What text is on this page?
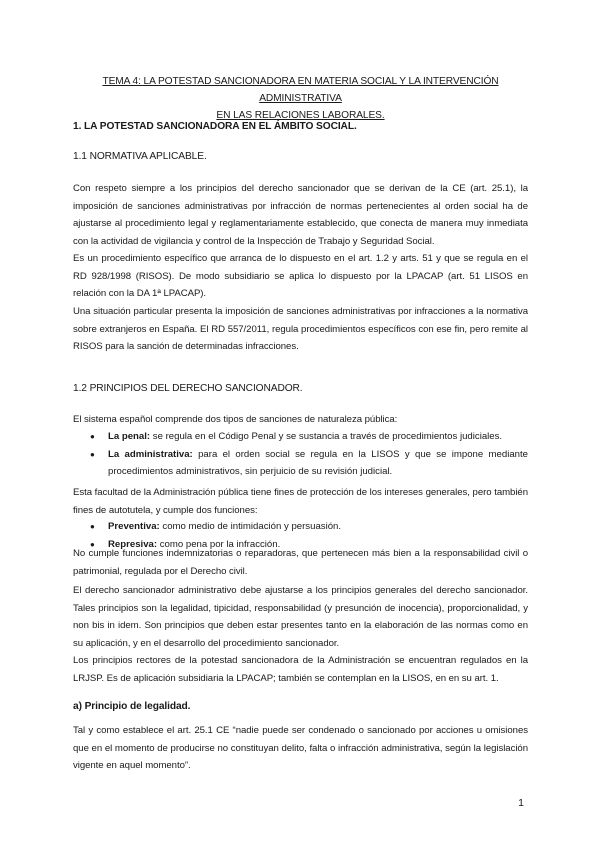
TEMA 4: LA POTESTAD SANCIONADORA EN MATERIA SOCIAL Y LA INTERVENCIÓN ADMINISTRATIVA
EN LAS RELACIONES LABORALES.
1. LA POTESTAD SANCIONADORA EN EL ÁMBITO SOCIAL.
1.1 NORMATIVA APLICABLE.
Con respeto siempre a los principios del derecho sancionador que se derivan de la CE (art. 25.1), la imposición de sanciones administrativas por infracción de normas pertenecientes al orden social ha de ajustarse al procedimiento legal y reglamentariamente establecido, que conecta de manera muy inmediata con la actividad de vigilancia y control de la Inspección de Trabajo y Seguridad Social.
Es un procedimiento específico que arranca de lo dispuesto en el art. 1.2 y arts. 51 y que se regula en el RD 928/1998 (RISOS). De modo subsidiario se aplica lo dispuesto por la LPACAP (art. 51 LISOS en relación con la DA 1ª LPACAP).
Una situación particular presenta la imposición de sanciones administrativas por infracciones a la normativa sobre extranjeros en España. El RD 557/2011, regula procedimientos específicos con ese fin, pero remite al RISOS para la sanción de determinadas infracciones.
1.2 PRINCIPIOS DEL DERECHO SANCIONADOR.
El sistema español comprende dos tipos de sanciones de naturaleza pública:
● La penal: se regula en el Código Penal y se sustancia a través de procedimientos judiciales.
● La administrativa: para el orden social se regula en la LISOS y que se impone mediante procedimientos administrativos, sin perjuicio de su revisión judicial.
Esta facultad de la Administración pública tiene fines de protección de los intereses generales, pero también fines de autotutela, y cumple dos funciones:
● Preventiva: como medio de intimidación y persuasión.
● Represiva: como pena por la infracción.
No cumple funciones indemnizatorias o reparadoras, que pertenecen más bien a la responsabilidad civil o patrimonial, regulada por el Derecho civil.
El derecho sancionador administrativo debe ajustarse a los principios generales del derecho sancionador. Tales principios son la legalidad, tipicidad, responsabilidad (y presunción de inocencia), proporcionalidad, y non bis in idem. Son principios que deben estar presentes tanto en la elaboración de las normas como en su aplicación, y en el desarrollo del procedimiento sancionador.
Los principios rectores de la potestad sancionadora de la Administración se encuentran regulados en la LRJSP. Es de aplicación subsidiaria la LPACAP; también se contemplan en la LISOS, en en su art. 1.
a) Principio de legalidad.
Tal y como establece el art. 25.1 CE “nadie puede ser condenado o sancionado por acciones u omisiones que en el momento de producirse no constituyan delito, falta o infracción administrativa, según la legislación vigente en aquel momento”.
1
